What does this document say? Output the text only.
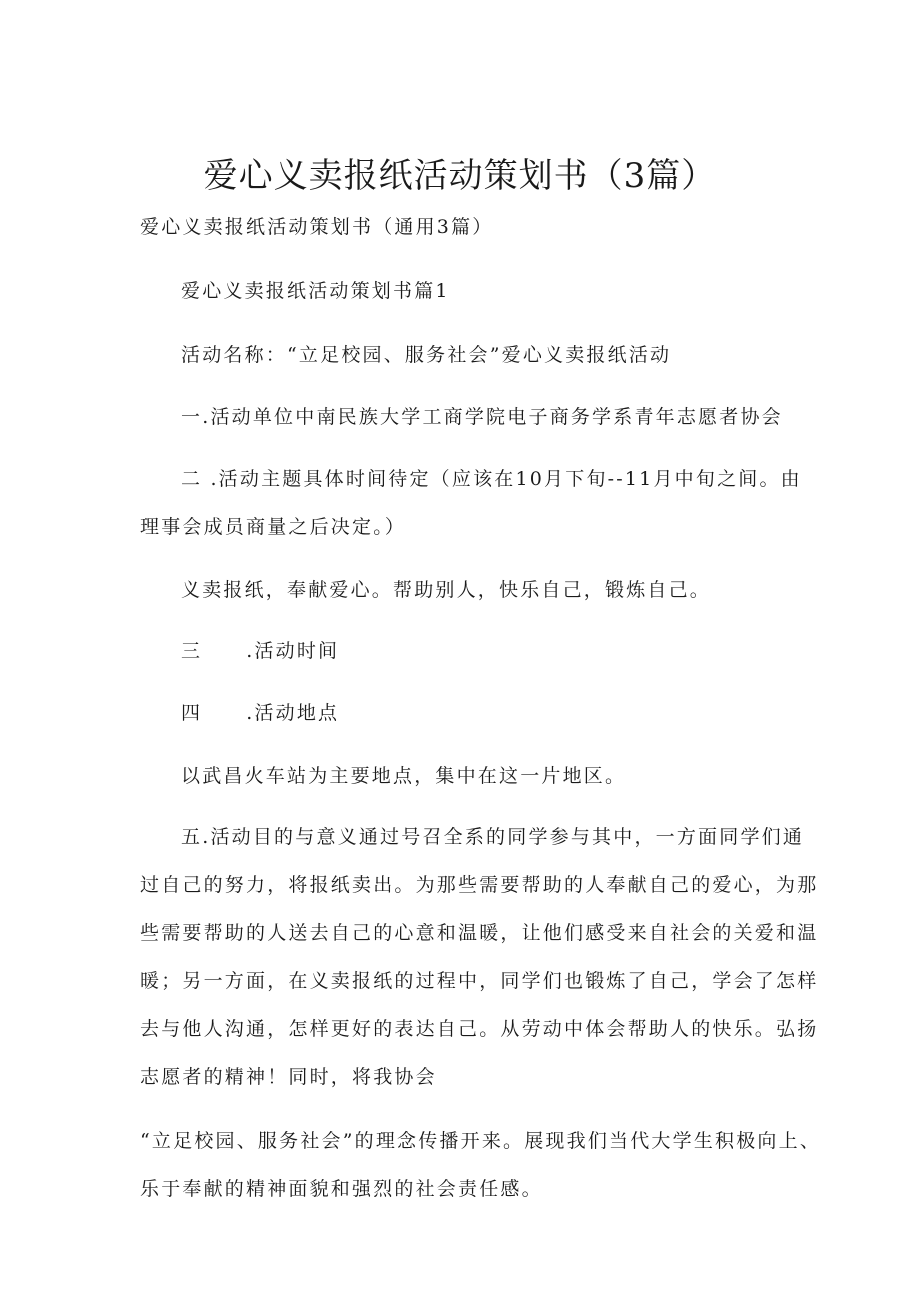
爱心义卖报纸活动策划书（3篇）

爱心义卖报纸活动策划书（通用3篇）

爱心义卖报纸活动策划书篇1

活动名称：“立足校园、服务社会”爱心义卖报纸活动

一.活动单位中南民族大学工商学院电子商务学系青年志愿者协会

二 .活动主题具体时间待定（应该在10月下旬--11月中旬之间。由

理事会成员商量之后决定。）

义卖报纸，奉献爱心。帮助别人，快乐自己，锻炼自己。

三 .活动时间

四 .活动地点

以武昌火车站为主要地点，集中在这一片地区。

五.活动目的与意义通过号召全系的同学参与其中，一方面同学们通

过自己的努力，将报纸卖出。为那些需要帮助的人奉献自己的爱心，为那

些需要帮助的人送去自己的心意和温暖，让他们感受来自社会的关爱和温

暖；另一方面，在义卖报纸的过程中，同学们也锻炼了自己，学会了怎样

去与他人沟通，怎样更好的表达自己。从劳动中体会帮助人的快乐。弘扬

志愿者的精神！同时，将我协会

“立足校园、服务社会”的理念传播开来。展现我们当代大学生积极向上、

乐于奉献的精神面貌和强烈的社会责任感。
